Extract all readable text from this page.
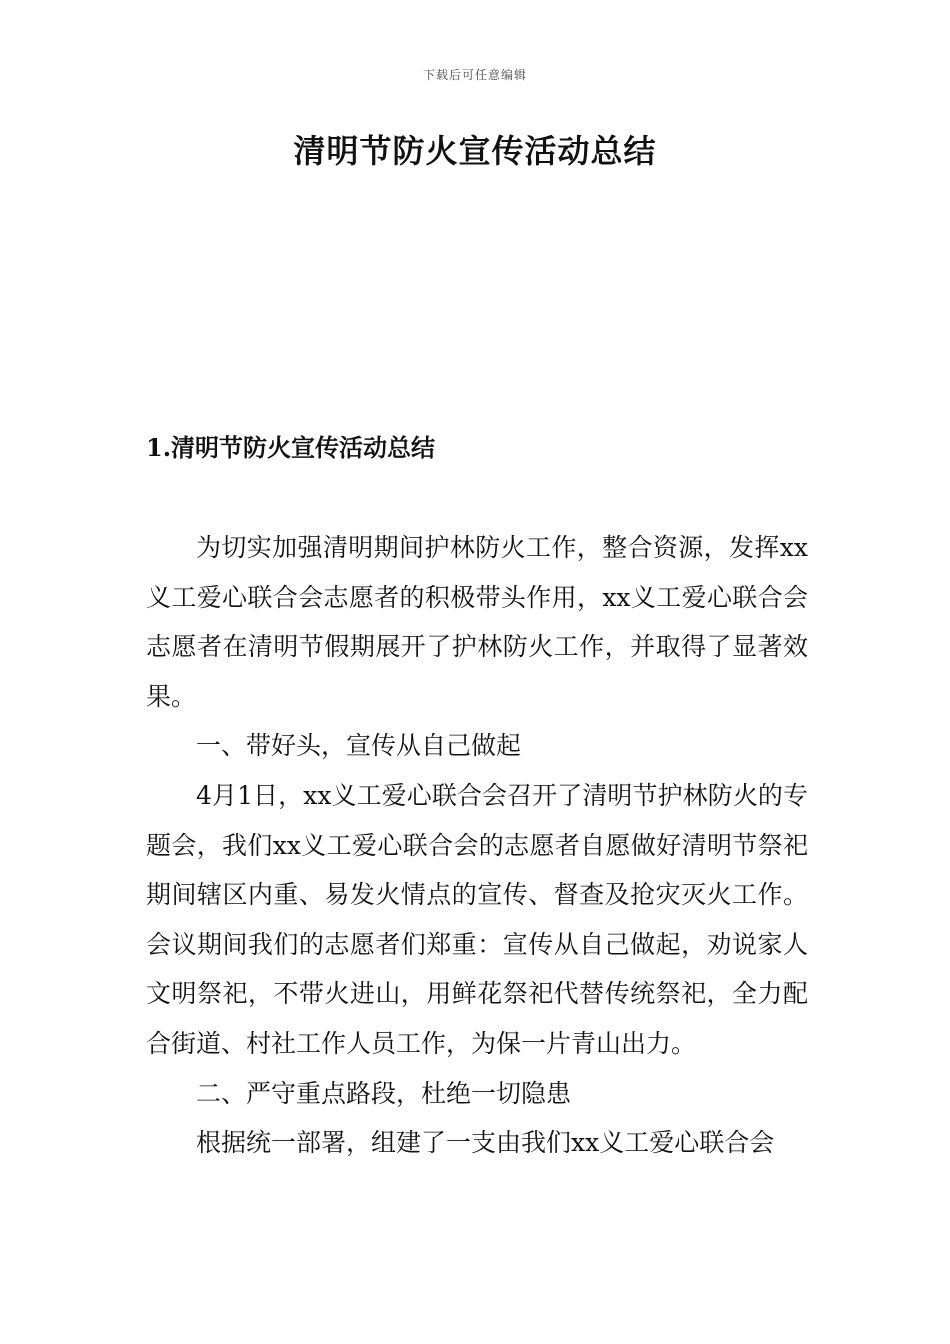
下载后可任意编辑
清明节防火宣传活动总结
1.清明节防火宣传活动总结

为切实加强清明期间护林防火工作，整合资源，发挥xx义工爱心联合会志愿者的积极带头作用，xx义工爱心联合会志愿者在清明节假期展开了护林防火工作，并取得了显著效果。

一、带好头，宣传从自己做起

4月1日，xx义工爱心联合会召开了清明节护林防火的专题会，我们xx义工爱心联合会的志愿者自愿做好清明节祭祀期间辖区内重、易发火情点的宣传、督查及抢灾灭火工作。会议期间我们的志愿者们郑重：宣传从自己做起，劝说家人文明祭祀，不带火进山，用鲜花祭祀代替传统祭祀，全力配合街道、村社工作人员工作，为保一片青山出力。

二、严守重点路段，杜绝一切隐患

根据统一部署，组建了一支由我们xx义工爱心联合会
